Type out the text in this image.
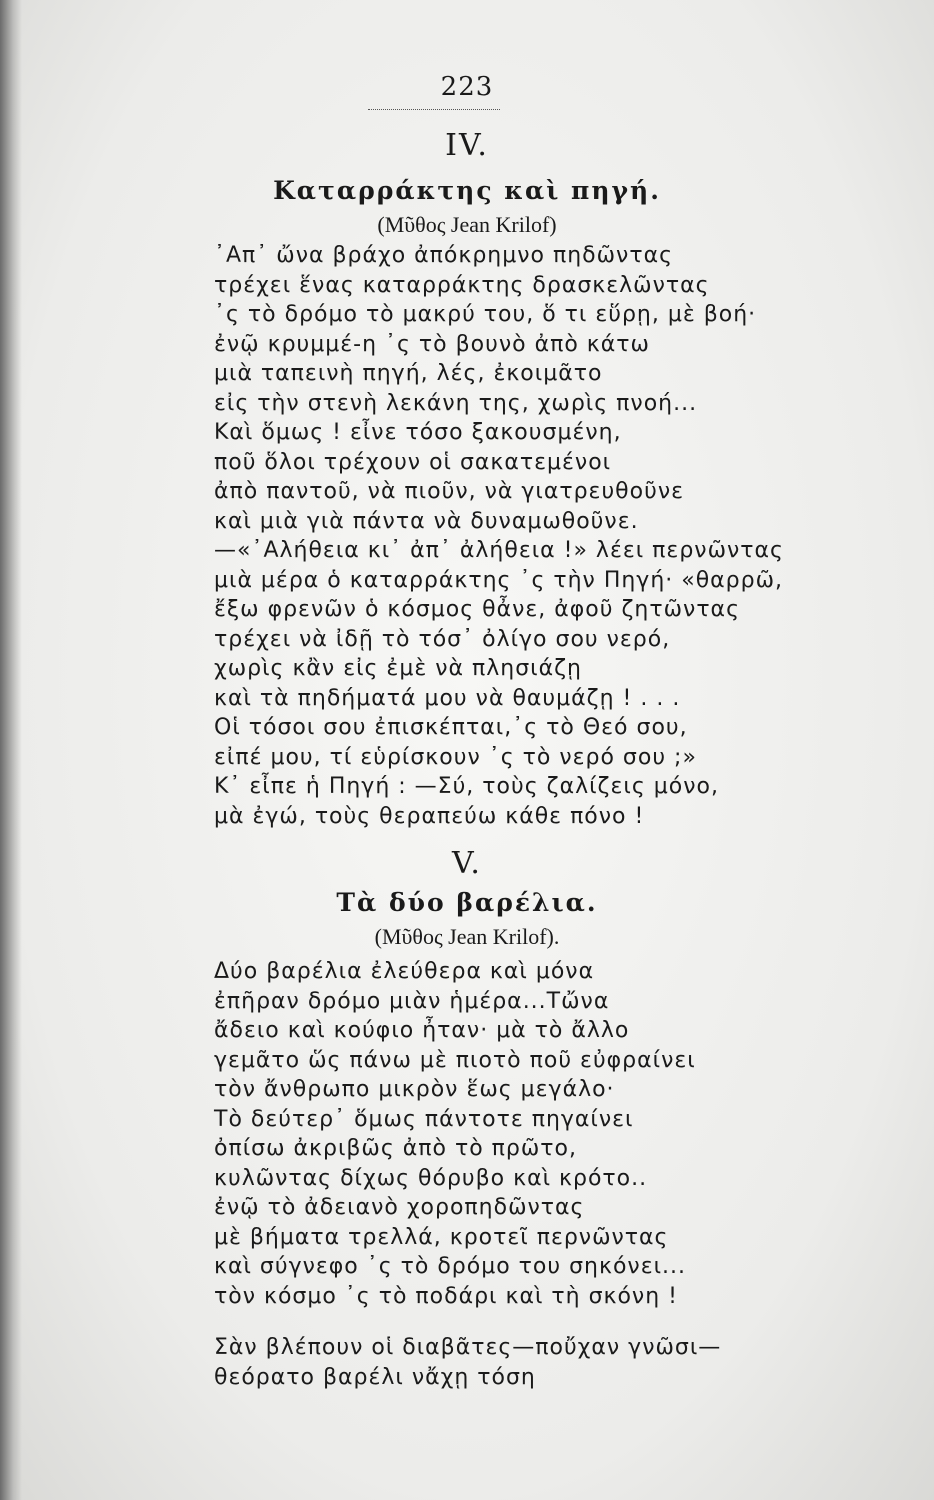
223
IV.
Καταρράκτης καὶ πηγή.
(Μῦθος Jean Krilof)
᾿Απ᾿ ὤνα βράχο ἀπόκρημνο πηδῶντας
τρέχει ἕνας καταρράκτης δρασκελῶντας
᾿ς τὸ δρόμο τὸ μακρύ του, ὅ τι εὕρῃ, μὲ βοή·
ἐνῷ κρυμμέ-η ᾿ς τὸ βουνὸ ἀπὸ κάτω
μιὰ ταπεινὴ πηγή, λές, ἐκοιμᾶτο
εἰς τὴν στενὴ λεκάνη της, χωρὶς πνοή...
Καὶ ὅμως ! εἶνε τόσο ξακουσμένη,
ποῦ ὅλοι τρέχουν οἱ σακατεμένοι
ἀπὸ παντοῦ, νὰ πιοῦν, νὰ γιατρευθοῦνε
καὶ μιὰ γιὰ πάντα νὰ δυναμωθοῦνε.
—«᾿Αλήθεια κι᾿ ἀπ᾿ ἀλήθεια !» λέει περνῶντας
μιὰ μέρα ὁ καταρράκτης ᾿ς τὴν Πηγή· «θαρρῶ,
ἔξω φρενῶν ὁ κόσμος θἆνε, ἀφοῦ ζητῶντας
τρέχει νὰ ἰδῇ τὸ τόσ᾿ ὀλίγο σου νερό,
χωρὶς κἂν εἰς ἐμὲ νὰ πλησιάζῃ
καὶ τὰ πηδήματά μου νὰ θαυμάζῃ ! . . .
Οἱ τόσοι σου ἐπισκέπται,᾿ς τὸ Θεό σου,
εἰπέ μου, τί εὑρίσκουν ᾿ς τὸ νερό σου ;»
Κ᾿ εἶπε ἡ Πηγή : —Σύ, τοὺς ζαλίζεις μόνο,
μὰ ἐγώ, τοὺς θεραπεύω κάθε πόνο !
V.
Τὰ δύο βαρέλια.
(Μῦθος Jean Krilof).
Δύο βαρέλια ἐλεύθερα καὶ μόνα
ἐπῆραν δρόμο μιὰν ἡμέρα...Τὤνα
ἄδειο καὶ κούφιο ἦταν· μὰ τὸ ἄλλο
γεμᾶτο ὥς πάνω μὲ πιοτὸ ποῦ εὐφραίνει
τὸν ἄνθρωπο μικρὸν ἕως μεγάλο·
Τὸ δεύτερ᾿ ὅμως πάντοτε πηγαίνει
ὀπίσω ἀκριβῶς ἀπὸ τὸ πρῶτο,
κυλῶντας δίχως θόρυβο καὶ κρότο..
ἐνῷ τὸ ἀδειανὸ χοροπηδῶντας
μὲ βήματα τρελλά, κροτεῖ περνῶντας
καὶ σύγνεφο ᾿ς τὸ δρόμο του σηκόνει...
τὸν κόσμο ᾿ς τὸ ποδάρι καὶ τὴ σκόνη !
Σὰν βλέπουν οἱ διαβᾶτες—ποὔχαν γνῶσι—
θεόρατο βαρέλι νἄχῃ τόση
